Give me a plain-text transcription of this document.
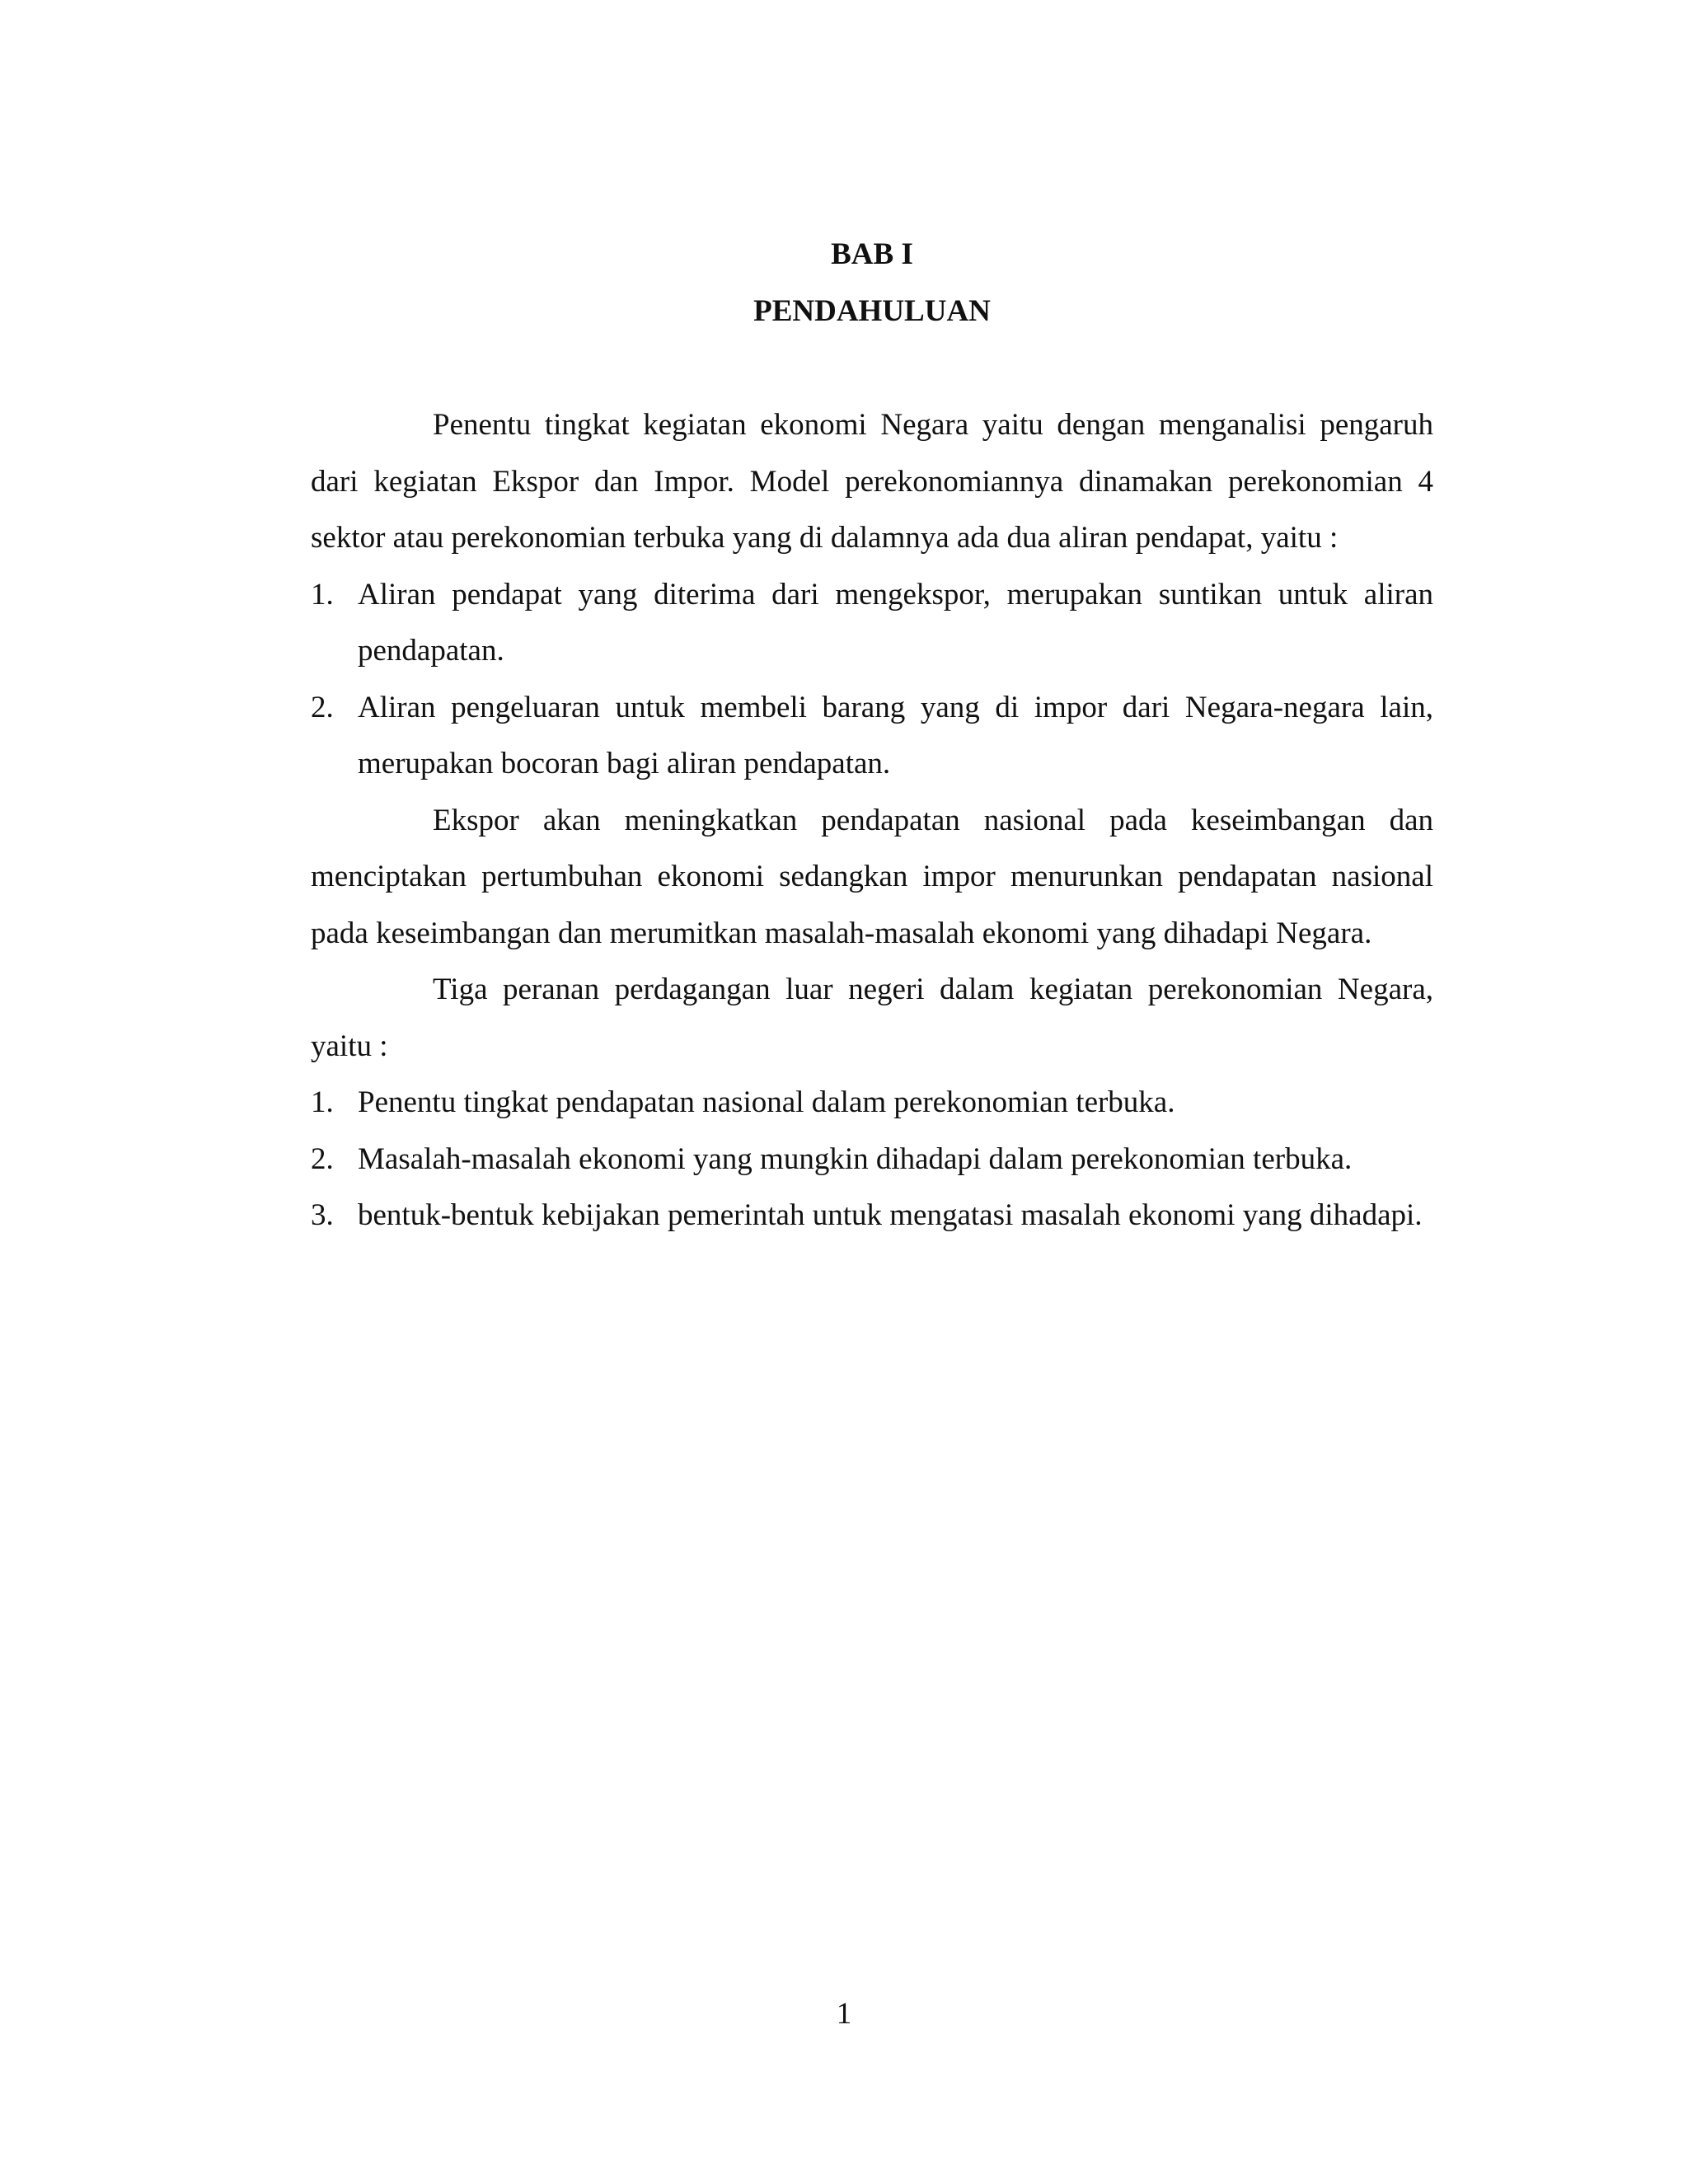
BAB I
PENDAHULUAN

Penentu tingkat kegiatan ekonomi Negara yaitu dengan menganalisi pengaruh dari kegiatan Ekspor dan Impor. Model perekonomiannya dinamakan perekonomian 4 sektor atau perekonomian terbuka yang di dalamnya ada dua aliran pendapat, yaitu :

1. Aliran pendapat yang diterima dari mengekspor, merupakan suntikan untuk aliran pendapatan.
2. Aliran pengeluaran untuk membeli barang yang di impor dari Negara-negara lain, merupakan bocoran bagi aliran pendapatan.

Ekspor akan meningkatkan pendapatan nasional pada keseimbangan dan menciptakan pertumbuhan ekonomi sedangkan impor menurunkan pendapatan nasional pada keseimbangan dan merumitkan masalah-masalah ekonomi yang dihadapi Negara.

Tiga peranan perdagangan luar negeri dalam kegiatan perekonomian Negara, yaitu :

1. Penentu tingkat pendapatan nasional dalam perekonomian terbuka.
2. Masalah-masalah ekonomi yang mungkin dihadapi dalam perekonomian terbuka.
3. bentuk-bentuk kebijakan pemerintah untuk mengatasi masalah ekonomi yang dihadapi.
1
